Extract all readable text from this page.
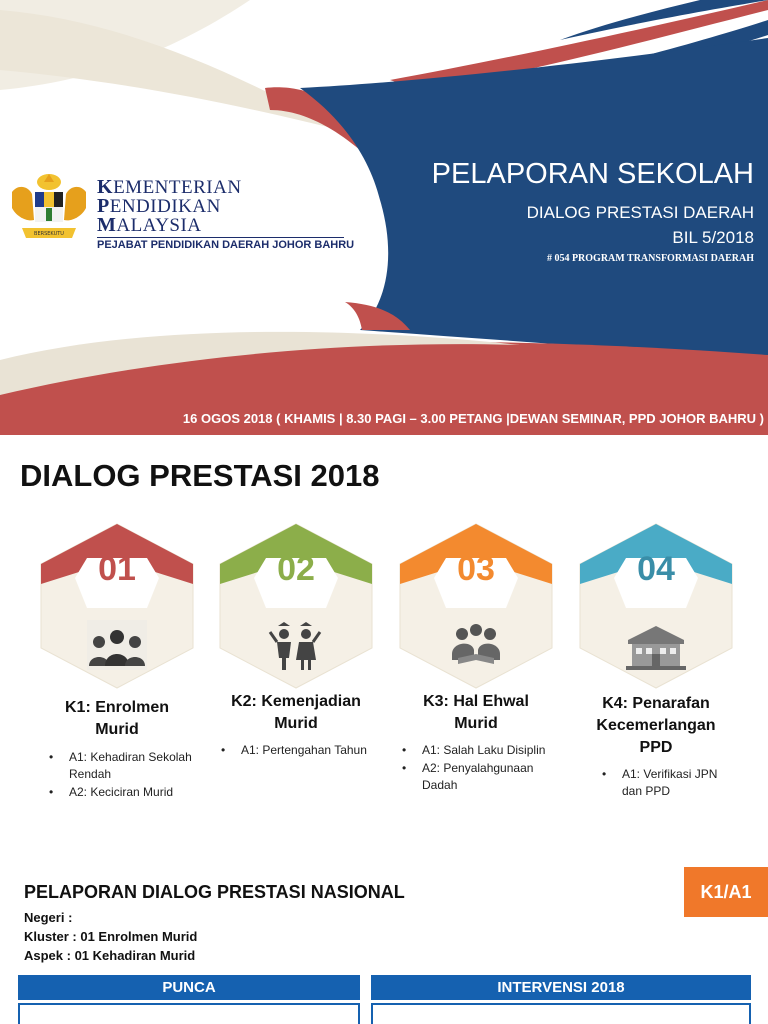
BERSEKUTU
KEMENTERIAN
PENDIDIKAN
MALAYSIA
PEJABAT PENDIDIKAN DAERAH JOHOR BAHRU
PELAPORAN SEKOLAH
DIALOG PRESTASI DAERAH
BIL 5/2018
# 054 PROGRAM TRANSFORMASI DAERAH
16 OGOS 2018 ( KHAMIS | 8.30 PAGI – 3.00 PETANG |DEWAN SEMINAR, PPD JOHOR BAHRU )
DIALOG PRESTASI 2018
01
K1: Enrolmen
Murid
• A1: Kehadiran Sekolah Rendah
• A2: Keciciran Murid
02
K2: Kemenjadian
Murid
• A1: Pertengahan Tahun
03
K3: Hal Ehwal
Murid
• A1: Salah Laku Disiplin
• A2: Penyalahgunaan Dadah
04
K4: Penarafan
Kecemerlangan
PPD
• A1: Verifikasi JPN dan PPD
PELAPORAN DIALOG PRESTASI NASIONAL
Negeri :
Kluster : 01 Enrolmen Murid
Aspek : 01 Kehadiran Murid
K1/A1
PUNCA	INTERVENSI 2018
